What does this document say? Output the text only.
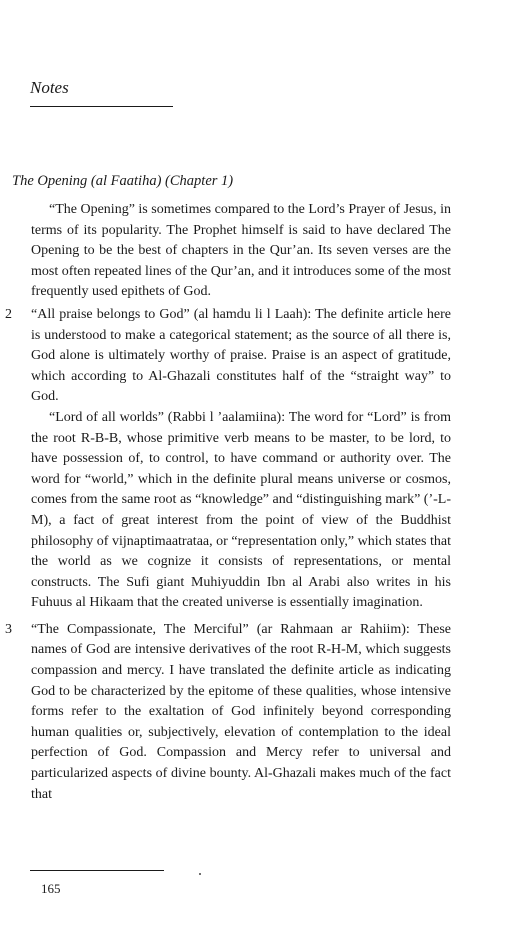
Notes
The Opening (al Faatiha) (Chapter 1)

“The Opening” is sometimes compared to the Lord’s Prayer of Jesus, in terms of its popularity. The Prophet himself is said to have declared The Opening to be the best of chapters in the Qur’an. Its seven verses are the most often repeated lines of the Qur’an, and it introduces some of the most frequently used epithets of God.

2	“All praise belongs to God” (al hamdu li l Laah): The definite article here is understood to make a categorical statement; as the source of all there is, God alone is ultimately worthy of praise. Praise is an aspect of gratitude, which according to Al-Ghazali constitutes half of the “straight way” to God.

“Lord of all worlds” (Rabbi l ’aalamiina): The word for “Lord” is from the root R-B-B, whose primitive verb means to be master, to be lord, to have possession of, to control, to have command or authority over. The word for “world,” which in the definite plural means universe or cosmos, comes from the same root as “knowledge” and “distinguishing mark” (’-L-M), a fact of great interest from the point of view of the Buddhist philosophy of vijnaptimaatrataa, or “representation only,” which states that the world as we cognize it consists of representations, or mental constructs. The Sufi giant Muhiyuddin Ibn al Arabi also writes in his Fuhuus al Hikaam that the created universe is essentially imagination.

3	“The Compassionate, The Merciful” (ar Rahmaan ar Rahiim): These names of God are intensive derivatives of the root R-H-M, which suggests compassion and mercy. I have translated the definite article as indicating God to be characterized by the epitome of these qualities, whose intensive forms refer to the exaltation of God infinitely beyond corresponding human qualities or, subjectively, elevation of contemplation to the ideal perfection of God. Compassion and Mercy refer to universal and particularized aspects of divine bounty. Al-Ghazali makes much of the fact that

165
